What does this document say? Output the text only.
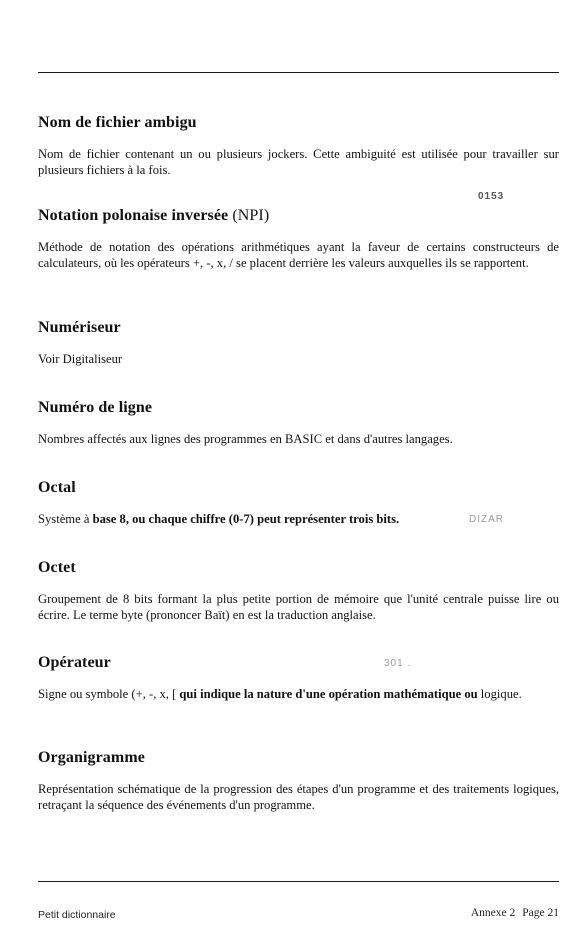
Nom de fichier ambigu

Nom de fichier contenant un ou plusieurs jockers. Cette ambiguité est utilisée pour travailler sur plusieurs fichiers à la fois.

0153
Notation polonaise inversée (NPI)

Méthode de notation des opérations arithmétiques ayant la faveur de certains constructeurs de calculateurs, où les opérateurs +, -, x, / se placent derrière les valeurs auxquelles ils se rapportent.

Numériseur

Voir Digitaliseur

Numéro de ligne

Nombres affectés aux lignes des programmes en BASIC et dans d'autres langages.

Octal

Système à base 8, ou chaque chiffre (0-7) peut représenter trois bits.	DIZAR
Octet

Groupement de 8 bits formant la plus petite portion de mémoire que l'unité centrale puisse lire ou écrire. Le terme byte (prononcer Baït) en est la traduction anglaise.

Opérateur

Signe ou symbole (+, -, x, [ qui indique la nature d'une opération mathématique ou logique.

301 .
Organigramme

Représentation schématique de la progression des étapes d'un programme et des traitements logiques, retraçant la séquence des événements d'un programme.

Petit dictionnaire	Annexe 2 Page 21
